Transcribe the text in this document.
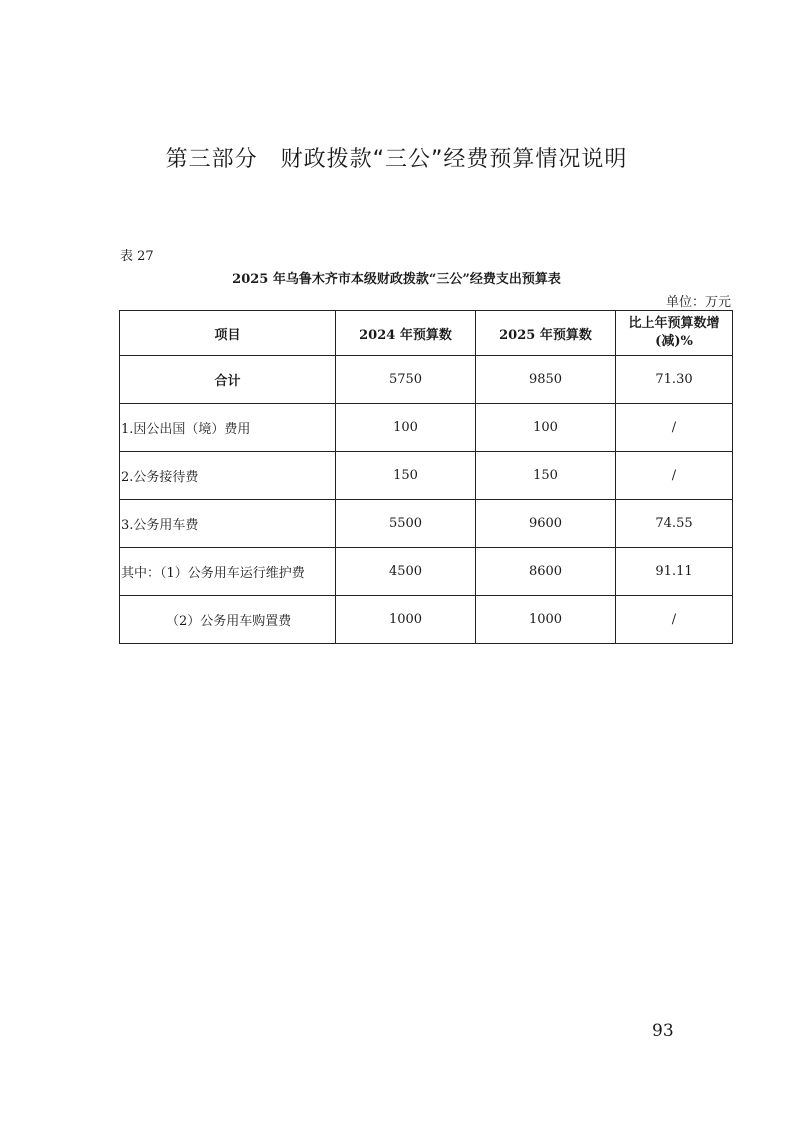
第三部分　财政拨款“三公”经费预算情况说明
表 27
2025 年乌鲁木齐市本级财政拨款“三公”经费支出预算表
单位：万元
项目	2024 年预算数	2025 年预算数	比上年预算数增(减)%
合计	5750	9850	71.30
1.因公出国（境）费用	100	100	/
2.公务接待费	150	150	/
3.公务用车费	5500	9600	74.55
其中：（1）公务用车运行维护费	4500	8600	91.11
（2）公务用车购置费	1000	1000	/
93
